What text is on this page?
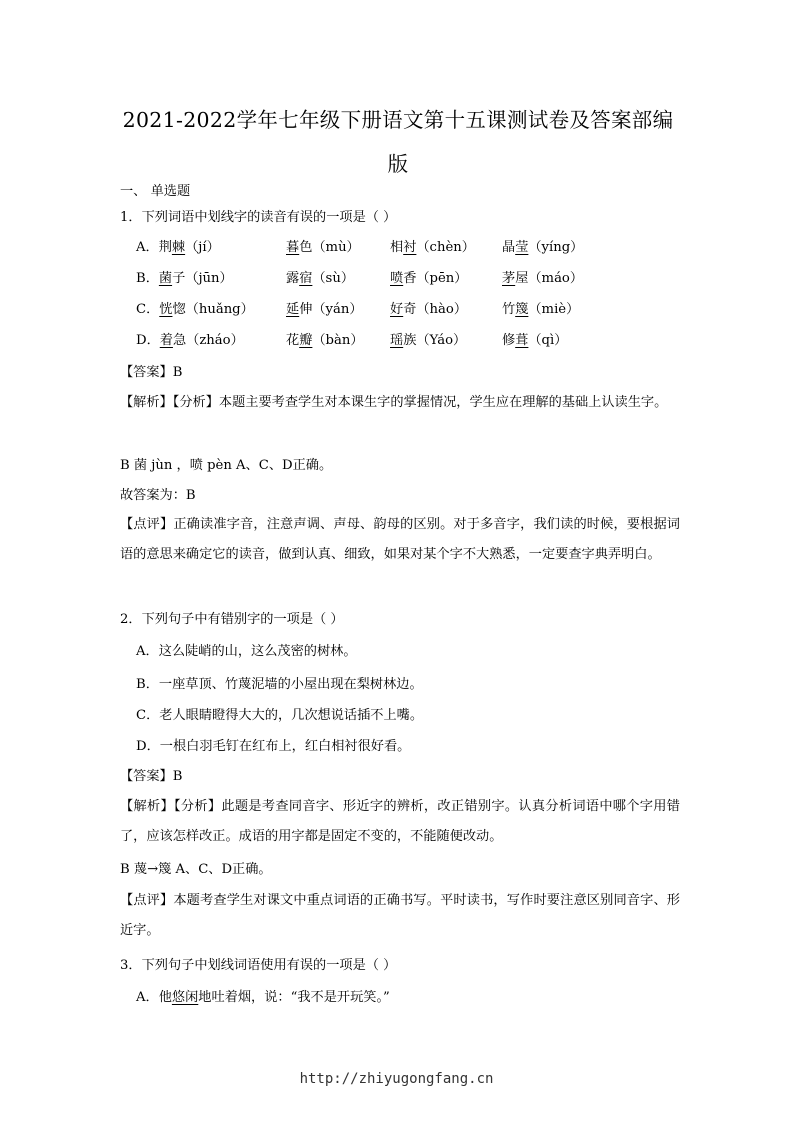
2021-2022学年七年级下册语文第十五课测试卷及答案部编
版
一、 单选题
1．下列词语中划线字的读音有误的一项是（ ）
A．荆棘（jí）	暮色（mù） 相衬（chèn） 晶莹（yíng）
B．菌子（jūn）	露宿（sù）	喷香（pēn）	茅屋（máo）
C．恍惚（huǎng） 延伸（yán） 好奇（hào）	竹篾（miè）
D．着急（zháo）	花瓣（bàn） 瑶族（Yáo）	修葺（qì）
【答案】B
【解析】【分析】本题主要考查学生对本课生字的掌握情况，学生应在理解的基础上认读生字。
B 菌 jùn ，喷 pèn A、C、D正确。
故答案为：B
【点评】正确读准字音，注意声调、声母、韵母的区别。对于多音字，我们读的时候，要根据词语的意思来确定它的读音，做到认真、细致，如果对某个字不大熟悉，一定要查字典弄明白。
2．下列句子中有错别字的一项是（ ）
A．这么陡峭的山，这么茂密的树林。
B．一座草顶、竹蔑泥墙的小屋出现在梨树林边。
C．老人眼睛瞪得大大的，几次想说话插不上嘴。
D．一根白羽毛钉在红布上，红白相衬很好看。
【答案】B
【解析】【分析】此题是考查同音字、形近字的辨析，改正错别字。认真分析词语中哪个字用错了，应该怎样改正。成语的用字都是固定不变的，不能随便改动。
B 蔑→篾 A、C、D正确。
【点评】本题考查学生对课文中重点词语的正确书写。平时读书，写作时要注意区别同音字、形近字。
3．下列句子中划线词语使用有误的一项是（ ）
A．他悠闲地吐着烟，说：“我不是开玩笑。”
http://zhiyugongfang.cn
